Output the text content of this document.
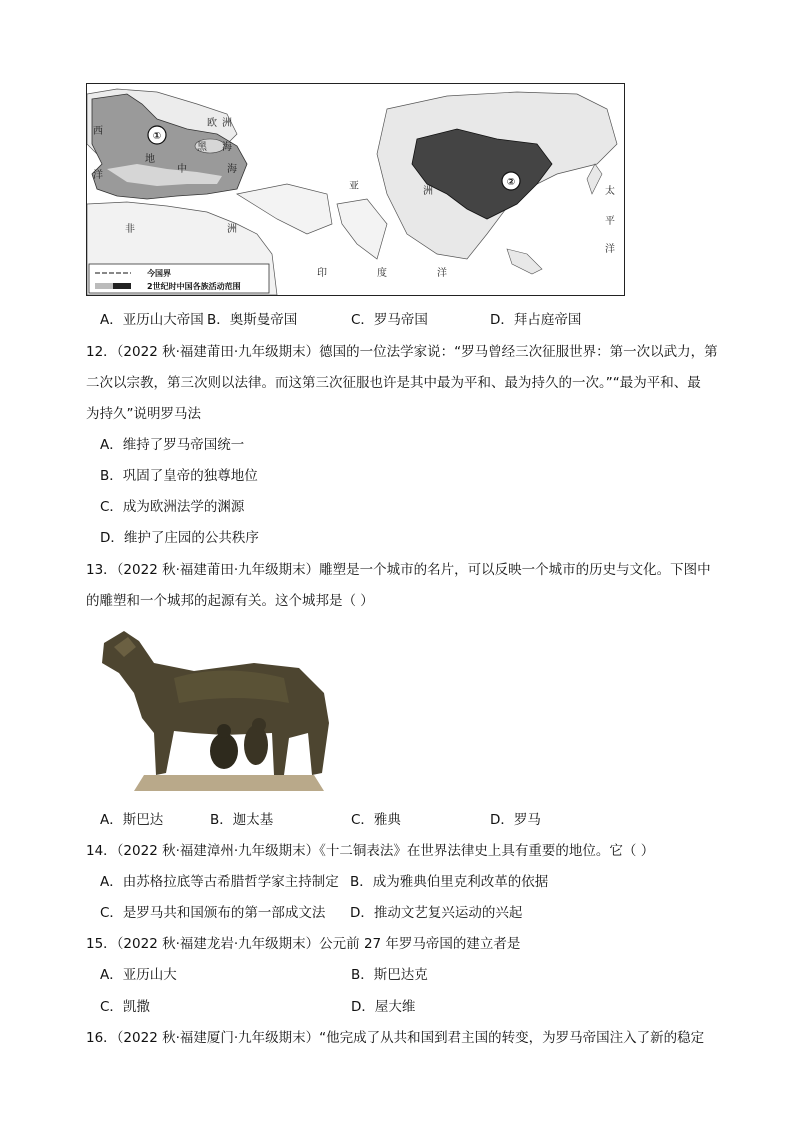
①
②
西
欧 洲
地
中	海
洋
黑 海
非	洲
亚	洲
印	度	洋
太
平
洋
今国界
2世纪时中国各族活动范围
A．亚历山大帝国 B．奥斯曼帝国	C．罗马帝国	D．拜占庭帝国
12．（2022 秋·福建莆田·九年级期末）德国的一位法学家说：“罗马曾经三次征服世界：第一次以武力，第
二次以宗教，第三次则以法律。而这第三次征服也许是其中最为平和、最为持久的一次。”“最为平和、最
为持久”说明罗马法
A．维持了罗马帝国统一
B．巩固了皇帝的独尊地位
C．成为欧洲法学的渊源
D．维护了庄园的公共秩序
13．（2022 秋·福建莆田·九年级期末）雕塑是一个城市的名片，可以反映一个城市的历史与文化。下图中
的雕塑和一个城邦的起源有关。这个城邦是（ ）
A．斯巴达	B．迦太基	C．雅典	D．罗马
14．（2022 秋·福建漳州·九年级期末）《十二铜表法》在世界法律史上具有重要的地位。它（ ）
A．由苏格拉底等古希腊哲学家主持制定 B．成为雅典伯里克利改革的依据
C．是罗马共和国颁布的第一部成文法 D．推动文艺复兴运动的兴起
15．（2022 秋·福建龙岩·九年级期末）公元前 27 年罗马帝国的建立者是
A．亚历山大	B．斯巴达克
C．凯撒	D．屋大维
16．（2022 秋·福建厦门·九年级期末）“他完成了从共和国到君主国的转变，为罗马帝国注入了新的稳定
